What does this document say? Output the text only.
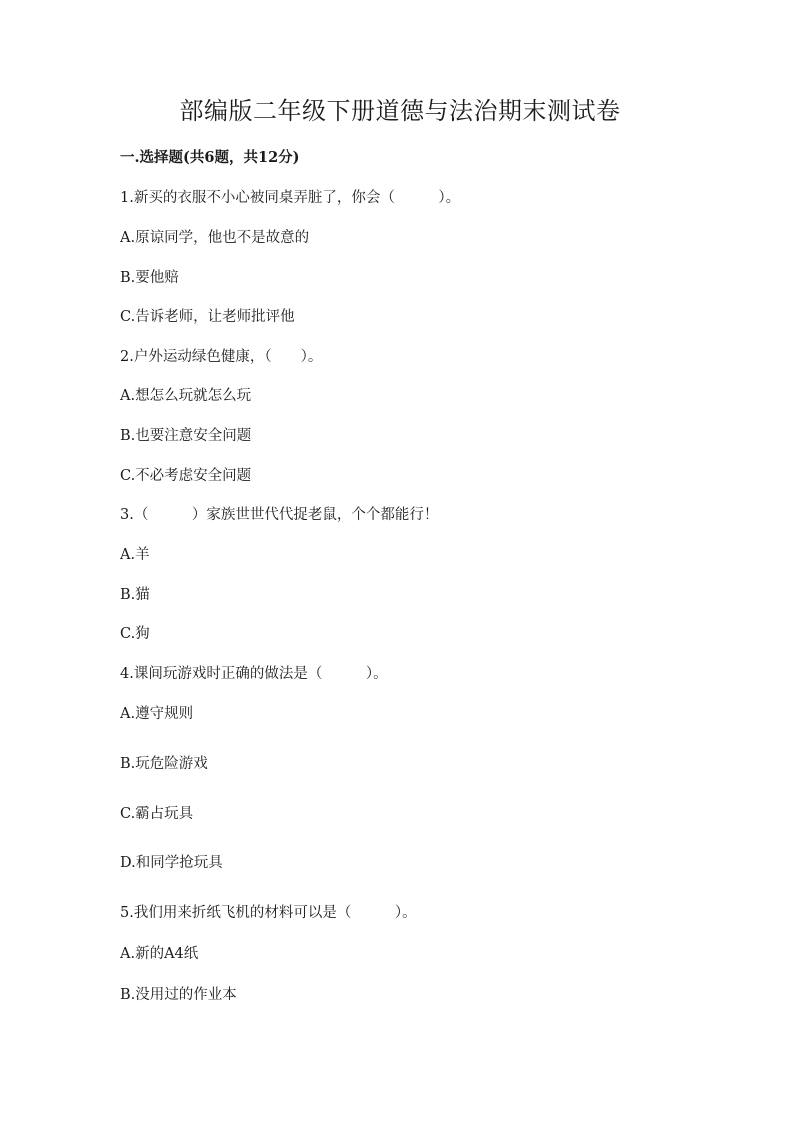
部编版二年级下册道德与法治期末测试卷
一.选择题(共6题，共12分)
1.新买的衣服不小心被同桌弄脏了，你会（　　　）。
A.原谅同学，他也不是故意的
B.要他赔
C.告诉老师，让老师批评他
2.户外运动绿色健康，（　　）。
A.想怎么玩就怎么玩
B.也要注意安全问题
C.不必考虑安全问题
3.（　　　）家族世世代代捉老鼠，个个都能行！
A.羊
B.猫
C.狗
4.课间玩游戏时正确的做法是（　　　）。
A.遵守规则
B.玩危险游戏
C.霸占玩具
D.和同学抢玩具
5.我们用来折纸飞机的材料可以是（　　　）。
A.新的A4纸
B.没用过的作业本
